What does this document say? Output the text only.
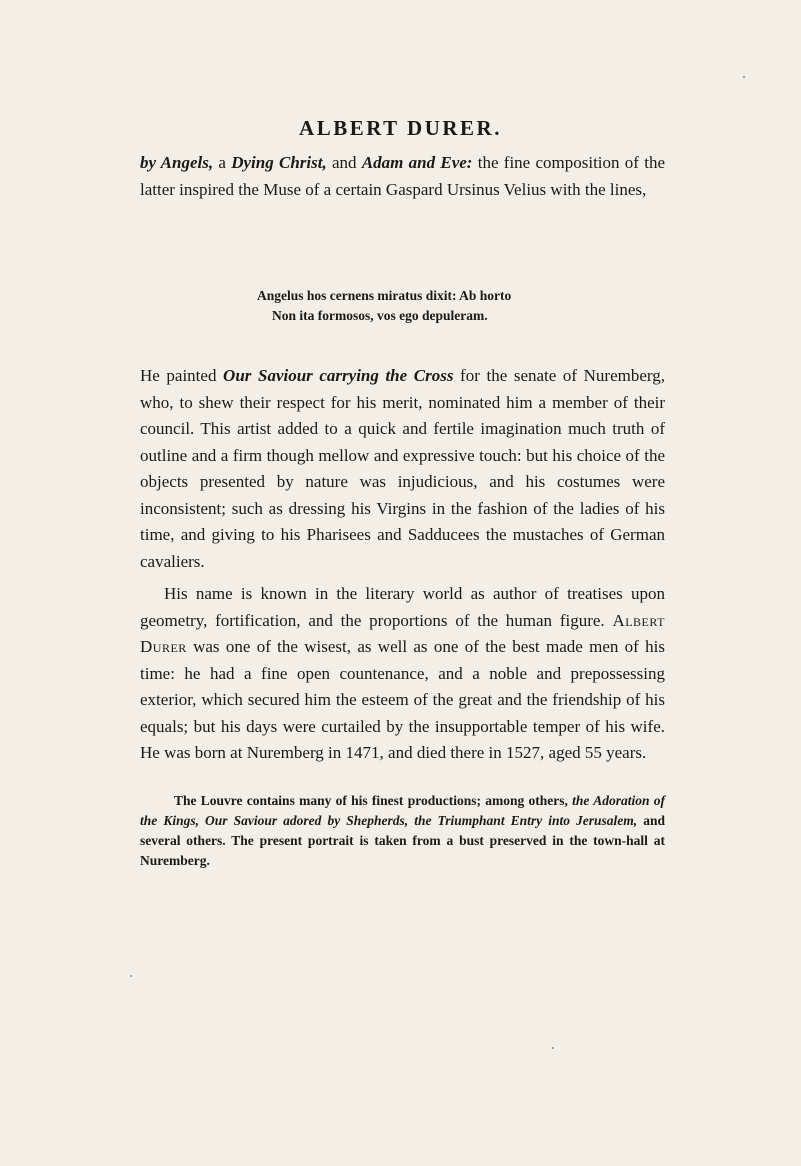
ALBERT DURER.
by Angels, a Dying Christ, and Adam and Eve: the fine composition of the latter inspired the Muse of a certain Gaspard Ursinus Velius with the lines,
Angelus hos cernens miratus dixit: Ab horto
Non ita formosos, vos ego depuleram.
He painted Our Saviour carrying the Cross for the senate of Nuremberg, who, to shew their respect for his merit, nominated him a member of their council. This artist added to a quick and fertile imagination much truth of outline and a firm though mellow and expressive touch: but his choice of the objects presented by nature was injudicious, and his costumes were inconsistent; such as dressing his Virgins in the fashion of the ladies of his time, and giving to his Pharisees and Sadducees the mustaches of German cavaliers.
His name is known in the literary world as author of treatises upon geometry, fortification, and the proportions of the human figure. Albert Durer was one of the wisest, as well as one of the best made men of his time: he had a fine open countenance, and a noble and prepossessing exterior, which secured him the esteem of the great and the friendship of his equals; but his days were curtailed by the insupportable temper of his wife. He was born at Nuremberg in 1471, and died there in 1527, aged 55 years.
The Louvre contains many of his finest productions; among others, the Adoration of the Kings, Our Saviour adored by Shepherds, the Triumphant Entry into Jerusalem, and several others. The present portrait is taken from a bust preserved in the town-hall at Nuremberg.
